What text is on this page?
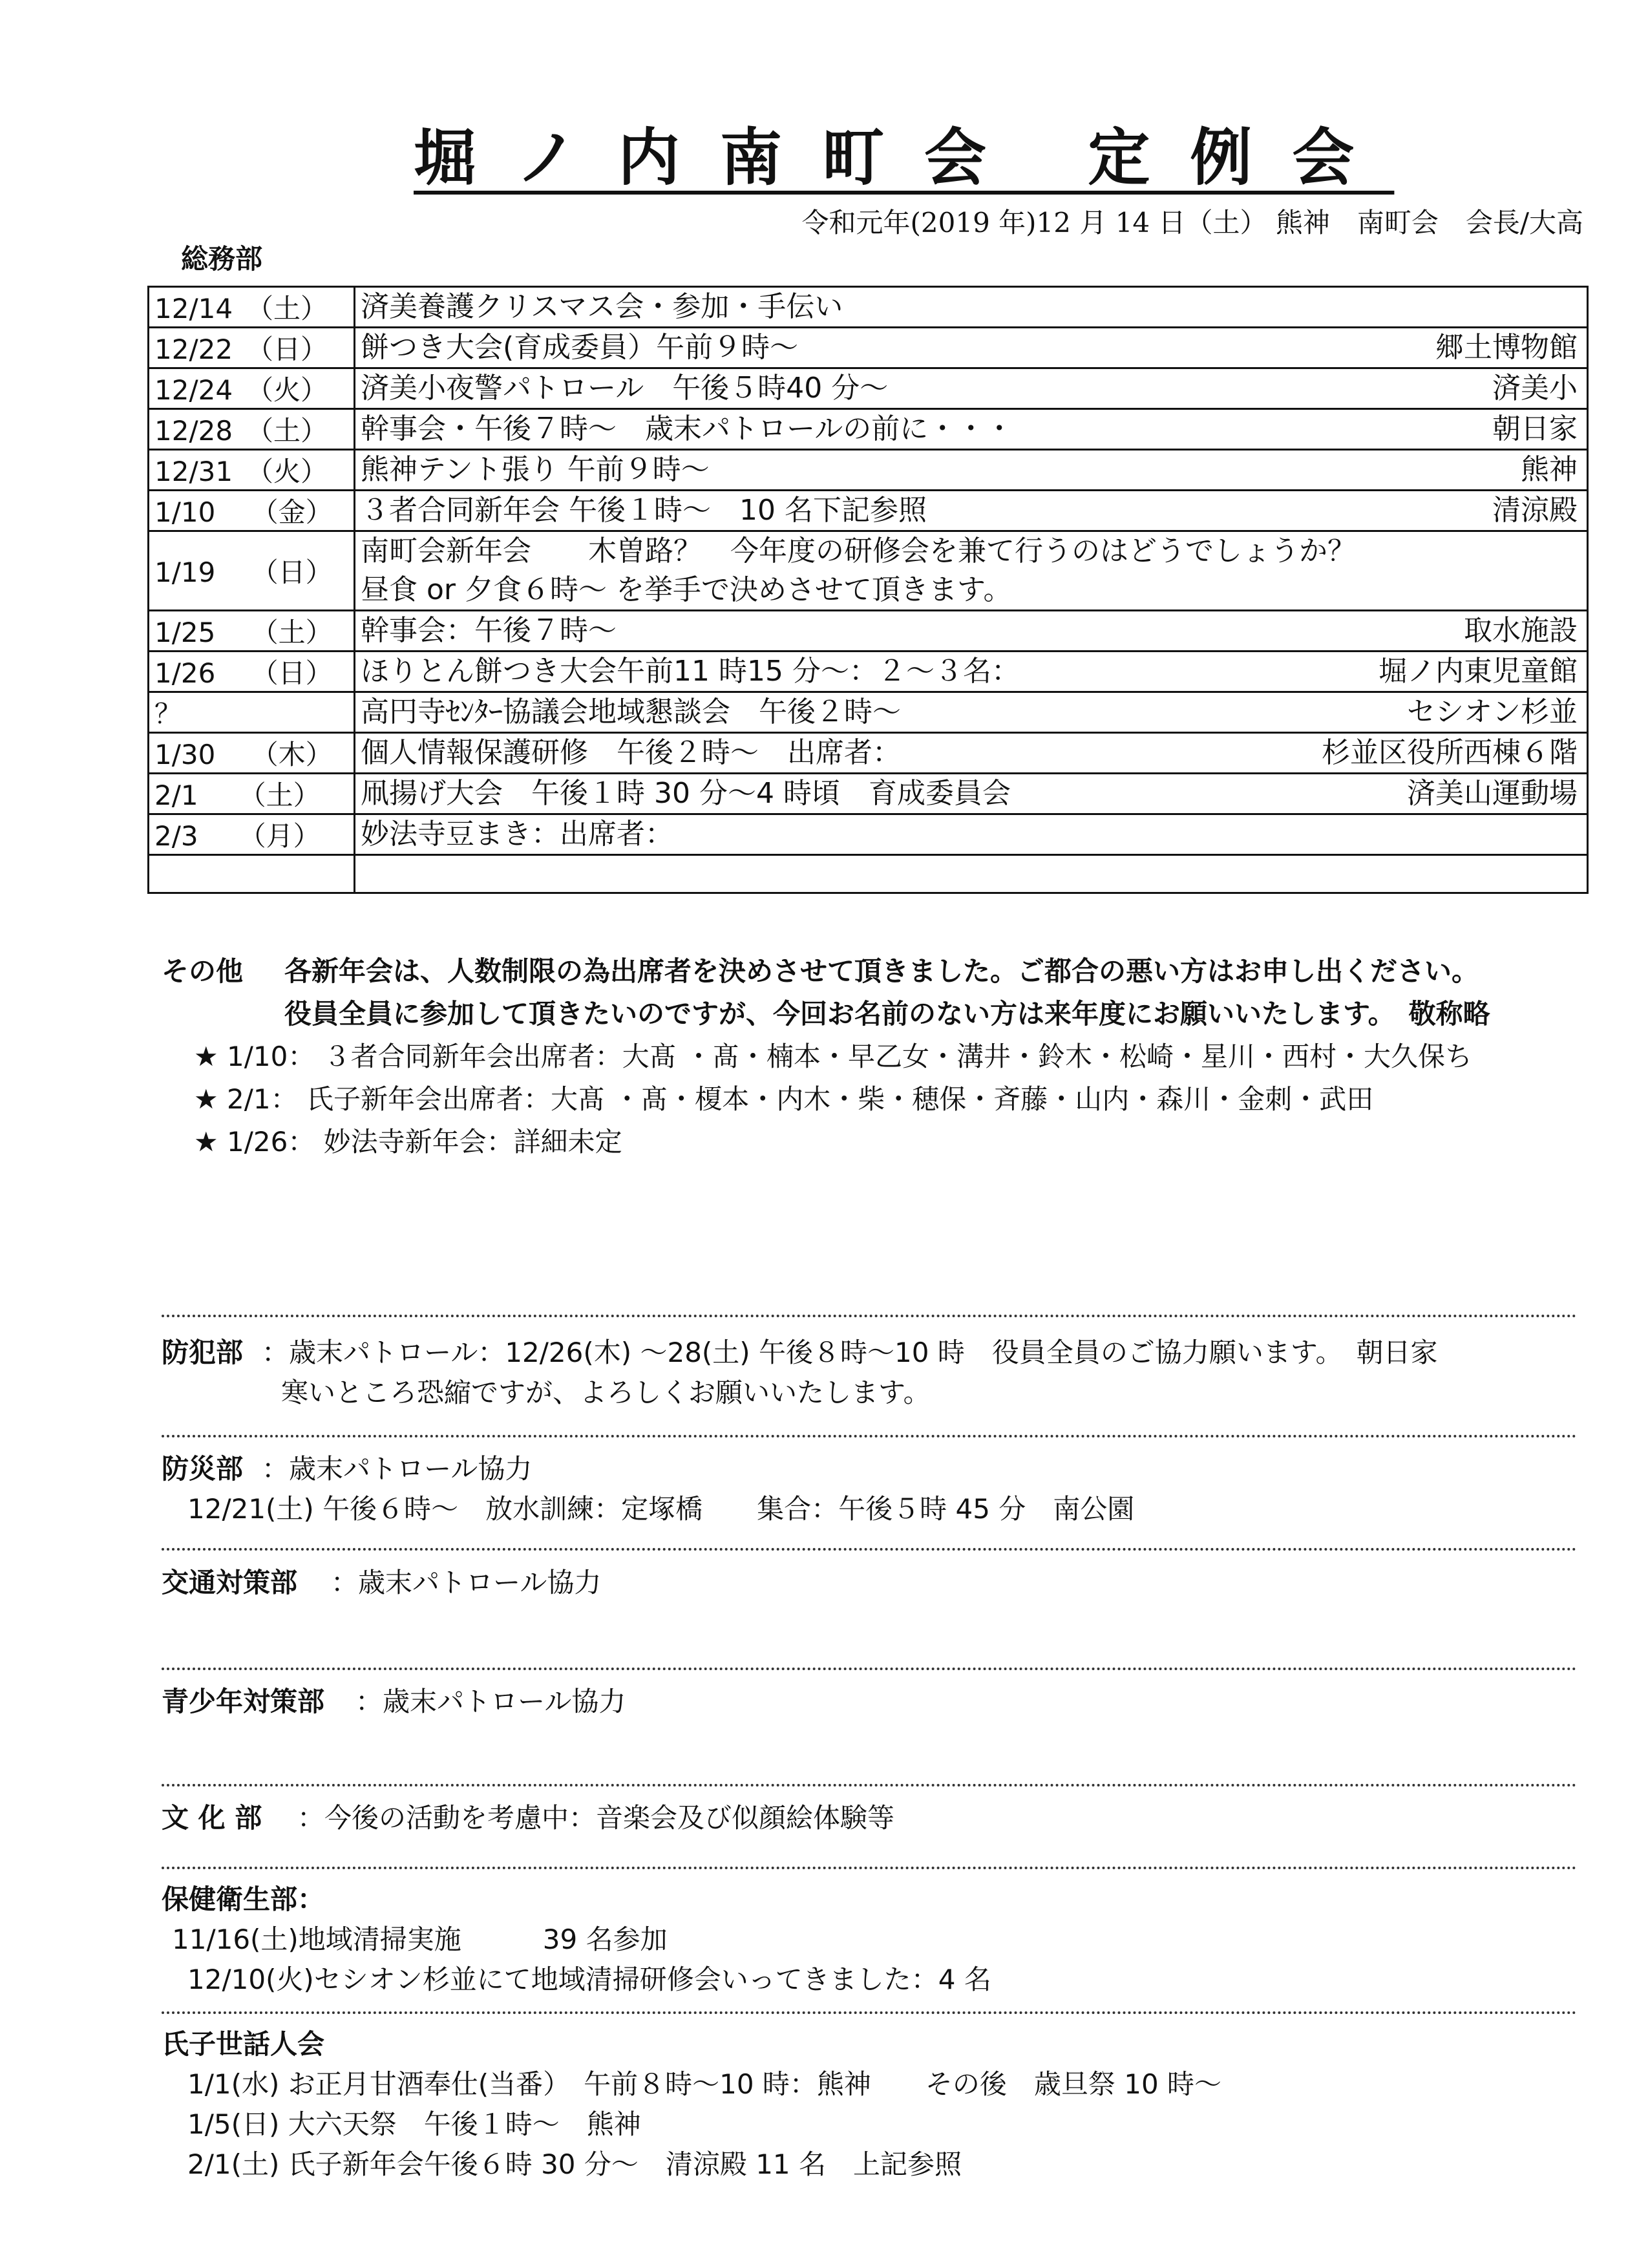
堀ノ内南町会 定例会
令和元年(2019 年)12 月 14 日（土） 熊神　南町会　会長/大高
総務部
12/14　（土）	済美養護クリスマス会・参加・手伝い

12/22　（日）	餅つき大会(育成委員）午前９時～ 郷土博物館

12/24　（火）	済美小夜警パトロール　午後５時40 分～ 済美小

12/28　（土）	幹事会・午後７時～　歳末パトロールの前に・・・ 朝日家

12/31　（火）	熊神テント張り 午前９時～ 熊神

1/10　 （金）	３者合同新年会 午後１時～　10 名下記参照 清涼殿

1/19　 （日）	南町会新年会　　木曽路？　今年度の研修会を兼て行うのはどうでしょうか？
昼食 or 夕食６時～ を挙手で決めさせて頂きます。

1/25　 （土）	幹事会：午後７時～ 取水施設

1/26　 （日）	ほりとん餅つき大会午前11 時15 分～：２～３名： 堀ノ内東児童館

？	高円寺ｾﾝﾀｰ協議会地域懇談会　午後２時～ セシオン杉並

1/30　 （木）	個人情報保護研修　午後２時～　出席者： 杉並区役所西棟６階

2/1　　（土）	凧揚げ大会　午後１時 30 分～4 時頃　育成委員会 済美山運動場

2/3　　（月）	妙法寺豆まき：出席者：

その他 各新年会は、人数制限の為出席者を決めさせて頂きました。ご都合の悪い方はお申し出ください。
役員全員に参加して頂きたいのですが、今回お名前のない方は来年度にお願いいたします。　敬称略
★ 1/10： ３者合同新年会出席者：大髙 ・髙・楠本・早乙女・溝井・鈴木・松崎・星川・西村・大久保ち
★ 2/1： 氏子新年会出席者：大髙 ・髙・榎本・内木・柴・穂保・斉藤・山内・森川・金刺・武田
★ 1/26： 妙法寺新年会：詳細未定
防犯部 ：歳末パトロール：12/26(木) ～28(土) 午後８時～10 時　役員全員のご協力願います。　朝日家
寒いところ恐縮ですが、よろしくお願いいたします。
防災部 ：歳末パトロール協力
12/21(土) 午後６時～　放水訓練：定塚橋　　集合：午後５時 45 分　南公園
交通対策部 ：歳末パトロール協力
青少年対策部 ：歳末パトロール協力
文 化 部 ：今後の活動を考慮中：音楽会及び似顔絵体験等
保健衛生部：
11/16(土)地域清掃実施　　　39 名参加
12/10(火)セシオン杉並にて地域清掃研修会いってきました：4 名
氏子世話人会
1/1(水) お正月甘酒奉仕(当番）　午前８時～10 時：熊神　　その後　歳旦祭 10 時～
1/5(日) 大六天祭　午後１時～　熊神
2/1(土) 氏子新年会午後６時 30 分～　清涼殿 11 名　上記参照
